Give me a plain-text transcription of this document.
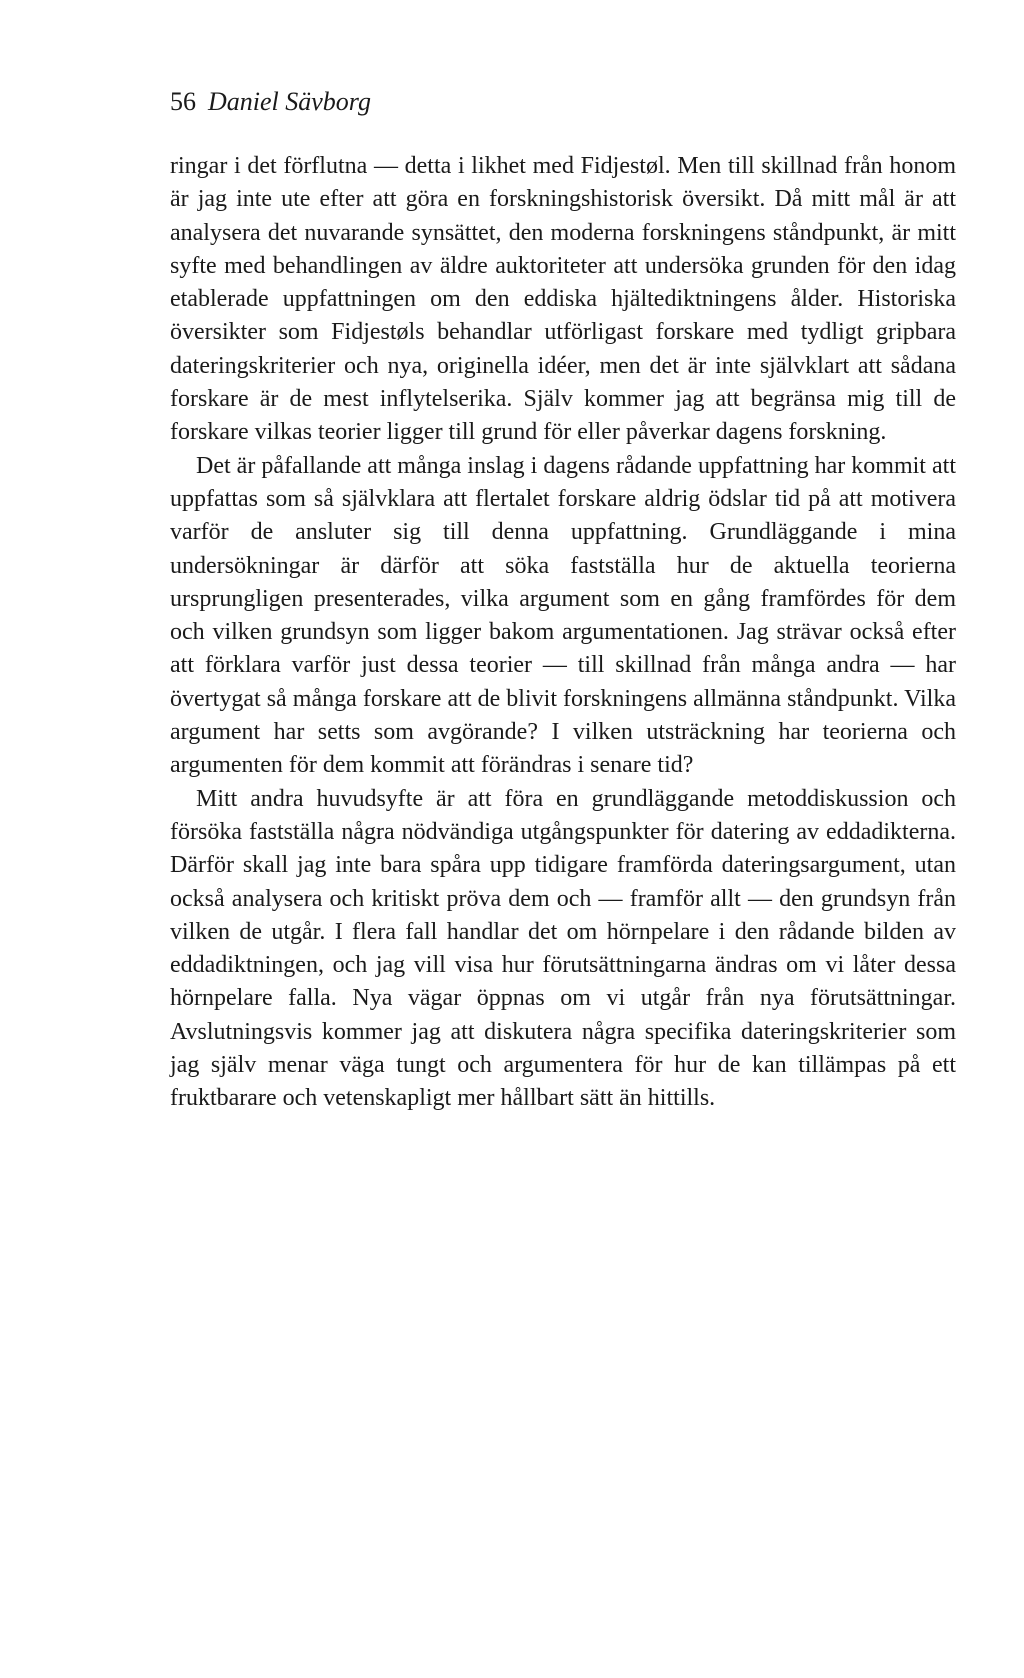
56 Daniel Sävborg

ringar i det förflutna — detta i likhet med Fidjestøl. Men till skillnad från honom är jag inte ute efter att göra en forskningshistorisk översikt. Då mitt mål är att analysera det nuvarande synsättet, den moderna forskningens ståndpunkt, är mitt syfte med behandlingen av äldre auktoriteter att undersöka grunden för den idag etablerade uppfattningen om den eddiska hjältediktningens ålder. Historiska översikter som Fidjestøls behandlar utförligast forskare med tydligt gripbara dateringskriterier och nya, originella idéer, men det är inte självklart att sådana forskare är de mest inflytelserika. Själv kommer jag att begränsa mig till de forskare vilkas teorier ligger till grund för eller påverkar dagens forskning.

Det är påfallande att många inslag i dagens rådande uppfattning har kommit att uppfattas som så självklara att flertalet forskare aldrig ödslar tid på att motivera varför de ansluter sig till denna uppfattning. Grundläggande i mina undersökningar är därför att söka fastställa hur de aktuella teorierna ursprungligen presenterades, vilka argument som en gång framfördes för dem och vilken grundsyn som ligger bakom argumentationen. Jag strävar också efter att förklara varför just dessa teorier — till skillnad från många andra — har övertygat så många forskare att de blivit forskningens allmänna ståndpunkt. Vilka argument har setts som avgörande? I vilken utsträckning har teorierna och argumenten för dem kommit att förändras i senare tid?

Mitt andra huvudsyfte är att föra en grundläggande metoddiskussion och försöka fastställa några nödvändiga utgångspunkter för datering av eddadikterna. Därför skall jag inte bara spåra upp tidigare framförda dateringsargument, utan också analysera och kritiskt pröva dem och — framför allt — den grundsyn från vilken de utgår. I flera fall handlar det om hörnpelare i den rådande bilden av eddadiktningen, och jag vill visa hur förutsättningarna ändras om vi låter dessa hörnpelare falla. Nya vägar öppnas om vi utgår från nya förutsättningar. Avslutningsvis kommer jag att diskutera några specifika dateringskriterier som jag själv menar väga tungt och argumentera för hur de kan tillämpas på ett fruktbarare och vetenskapligt mer hållbart sätt än hittills.
